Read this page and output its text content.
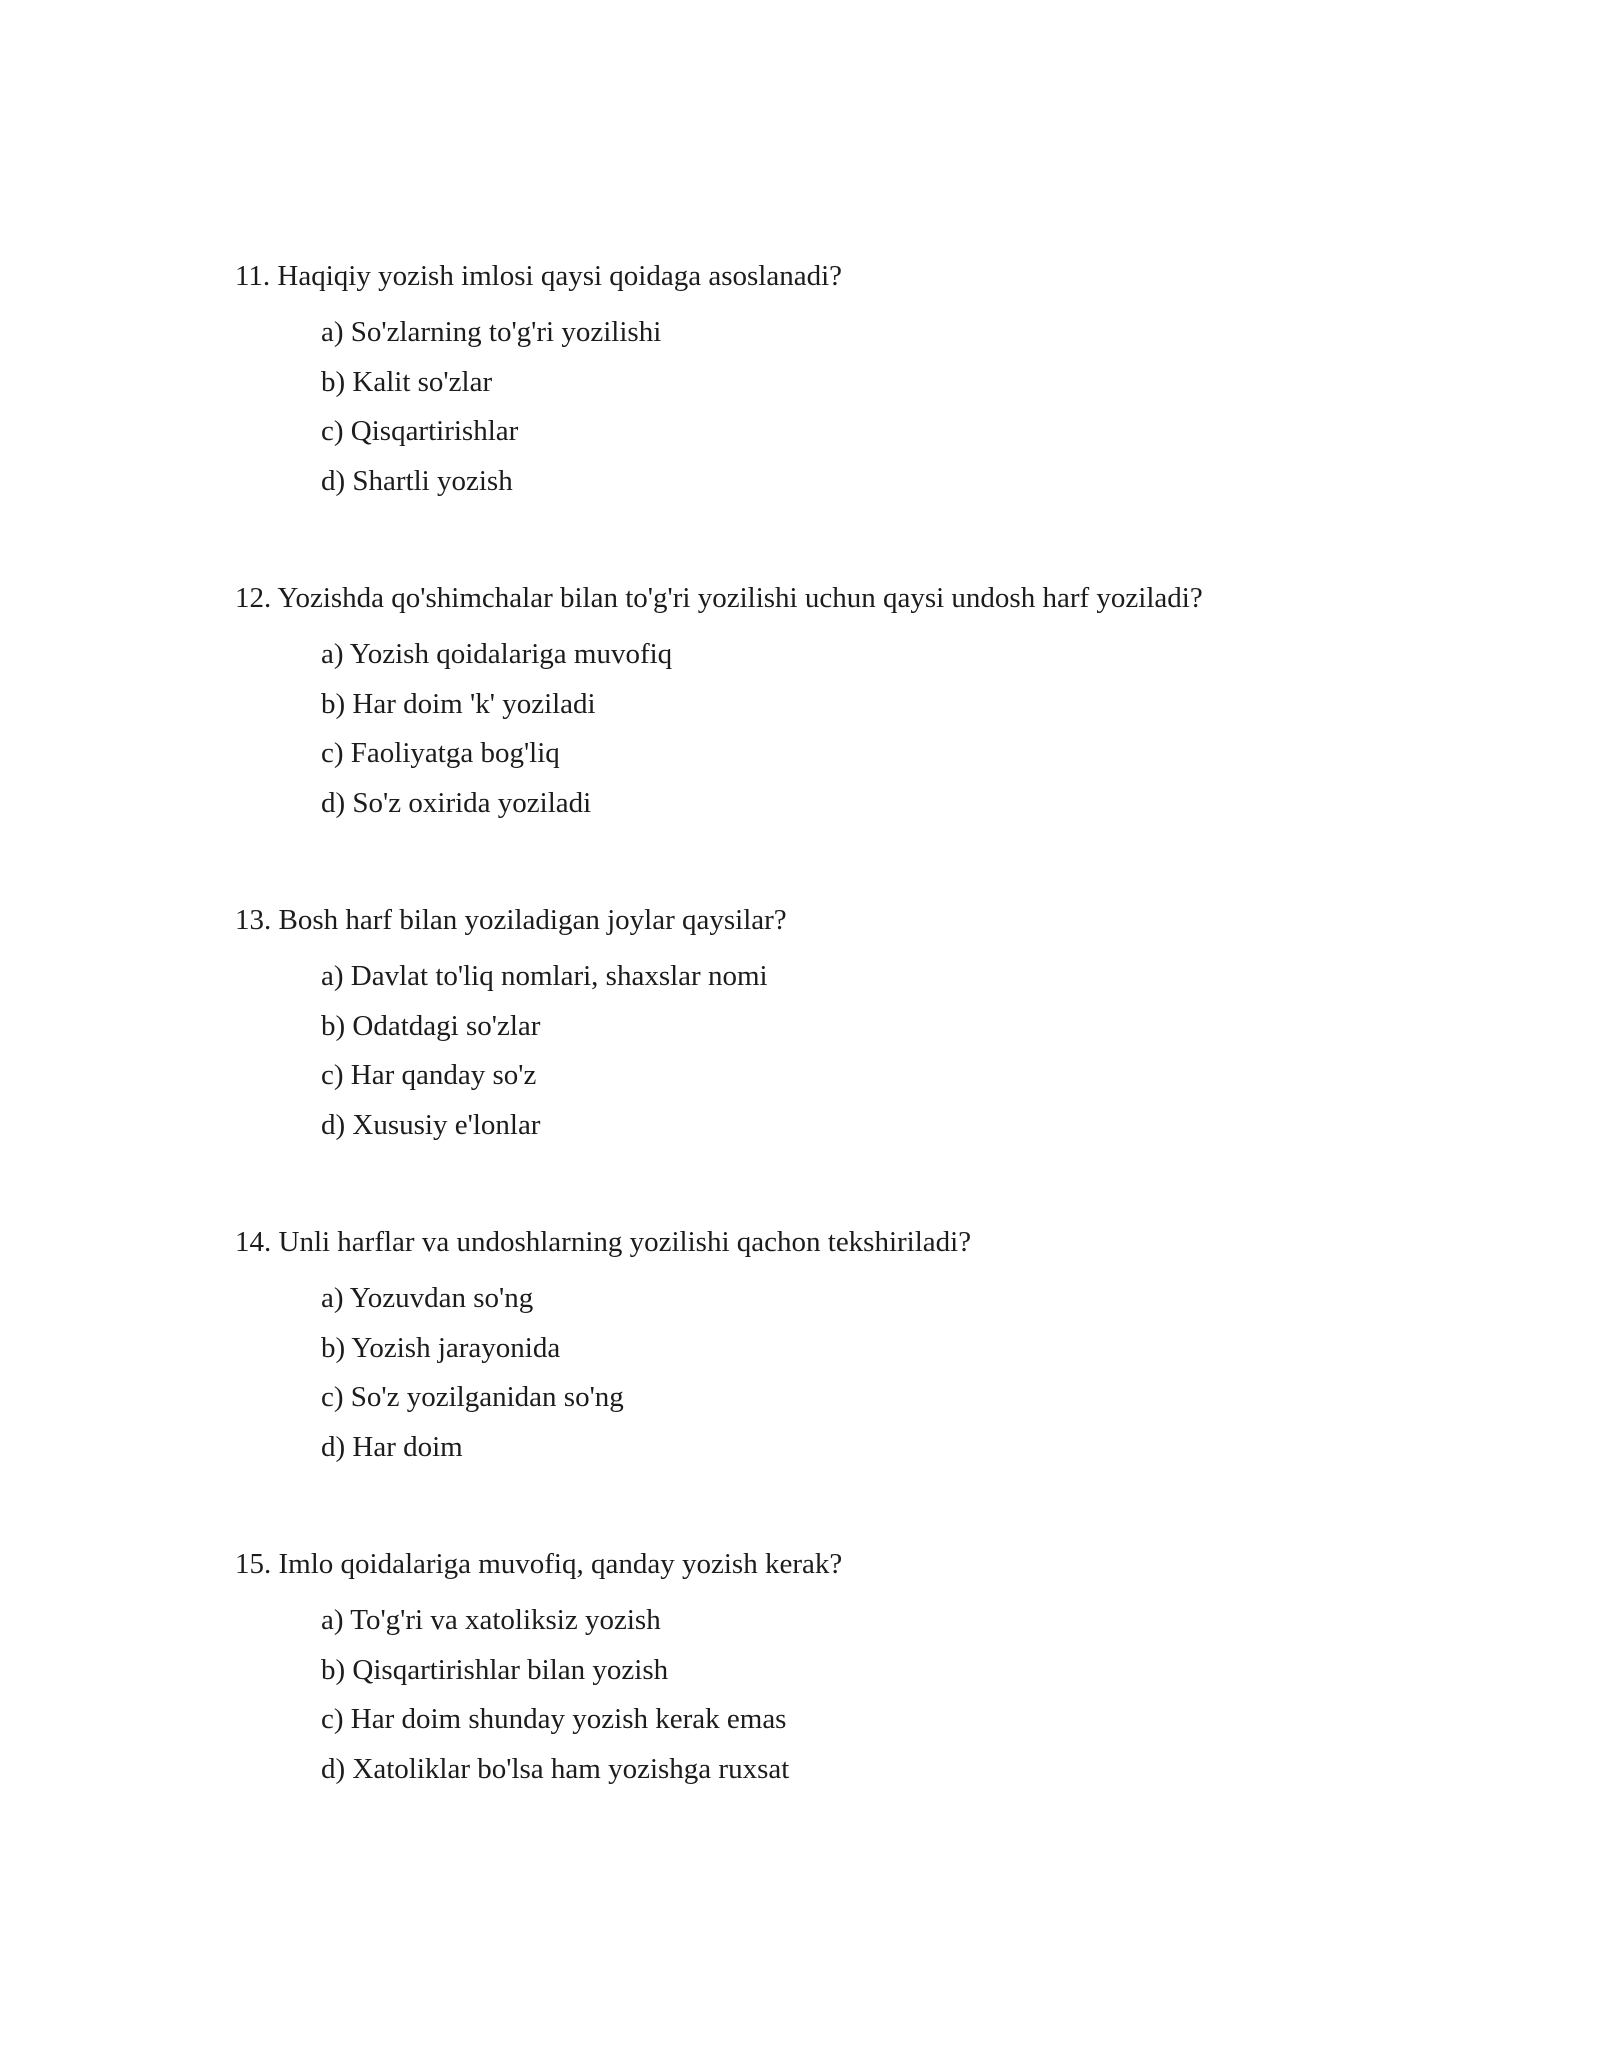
11. Haqiqiy yozish imlosi qaysi qoidaga asoslanadi?
a) So'zlarning to'g'ri yozilishi
b) Kalit so'zlar
c) Qisqartirishlar
d) Shartli yozish
12. Yozishda qo'shimchalar bilan to'g'ri yozilishi uchun qaysi undosh harf yoziladi?
a) Yozish qoidalariga muvofiq
b) Har doim 'k' yoziladi
c) Faoliyatga bog'liq
d) So'z oxirida yoziladi
13. Bosh harf bilan yoziladigan joylar qaysilar?
a) Davlat to'liq nomlari, shaxslar nomi
b) Odatdagi so'zlar
c) Har qanday so'z
d) Xususiy e'lonlar
14. Unli harflar va undoshlarning yozilishi qachon tekshiriladi?
a) Yozuvdan so'ng
b) Yozish jarayonida
c) So'z yozilganidan so'ng
d) Har doim
15. Imlo qoidalariga muvofiq, qanday yozish kerak?
a) To'g'ri va xatoliksiz yozish
b) Qisqartirishlar bilan yozish
c) Har doim shunday yozish kerak emas
d) Xatoliklar bo'lsa ham yozishga ruxsat
